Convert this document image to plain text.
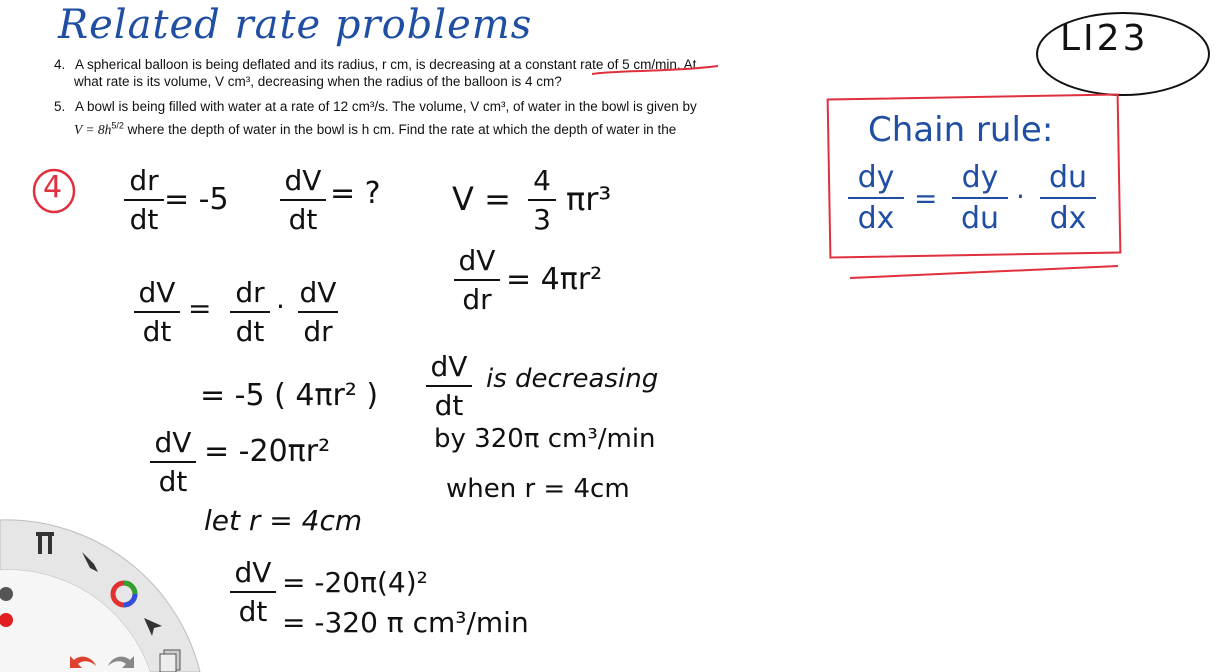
Related rate problems	LI23
4. A spherical balloon is being deflated and its radius, r cm, is decreasing at a constant rate of 5 cm/min. At
what rate is its volume, V cm³, decreasing when the radius of the balloon is 4 cm?
5. A bowl is being filled with water at a rate of 12 cm³/s. The volume, V cm³, of water in the bowl is given by
$V = 8h^{5/2}$ where the depth of water in the bowl is h cm. Find the rate at which the depth of water in the	Chain rule:
dy
dx
=
dy
du
·
du
dx
4 dr
dt
= -5
dV
dt
= ? V = 4
3
πr³
dV
dr
= 4πr²
dV
dt
= dr
dt
· dV
dr
= -5 ( 4πr² )
dV
dt
= -20πr²
let r = 4cm
dV
dt
= -20π(4)²
= -320 π cm³/min
dV
dt
is decreasing
by 320π cm³/min
when r = 4cm
